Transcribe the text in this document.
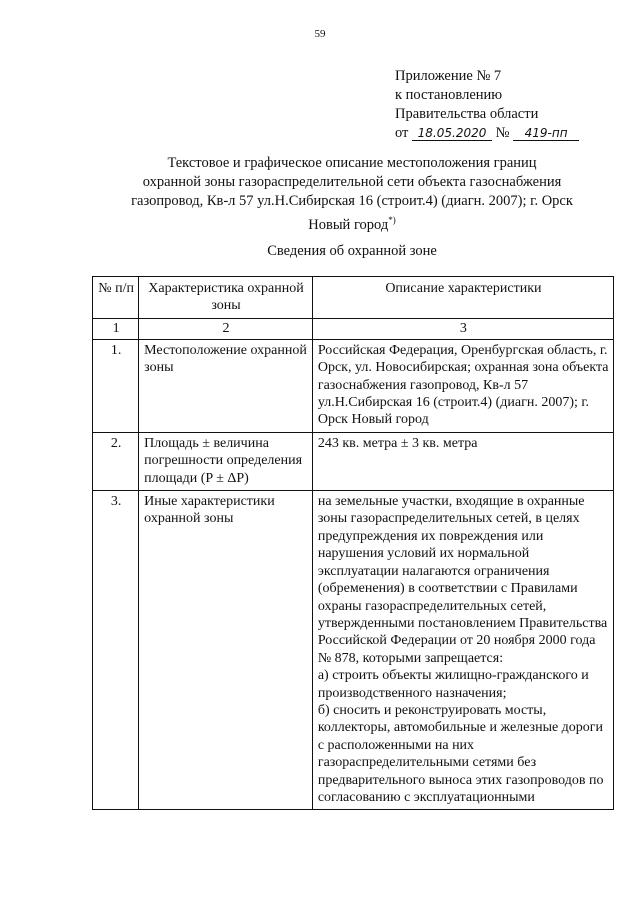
59
Приложение № 7
к постановлению
Правительства области
от 18.05.2020 № 419-пп
Текстовое и графическое описание местоположения границ
охранной зоны газораспределительной сети объекта газоснабжения
газопровод, Кв-л 57 ул.Н.Сибирская 16 (строит.4) (диагн. 2007); г. Орск
Новый город*)
Сведения об охранной зоне
№ п/п	Характеристика охранной зоны	Описание характеристики
1	2	3
1.	Местоположение охранной зоны	Российская Федерация, Оренбургская область, г. Орск, ул. Новосибирская; охранная зона объекта газоснабжения газопровод, Кв-л 57 ул.Н.Сибирская 16 (строит.4) (диагн. 2007); г. Орск Новый город
2.	Площадь ± величина погрешности определения площади (P ± ΔP)	243 кв. метра ± 3 кв. метра
3.	Иные характеристики охранной зоны	на земельные участки, входящие в охранные зоны газораспределительных сетей, в целях предупреждения их повреждения или нарушения условий их нормальной эксплуатации налагаются ограничения (обременения) в соответствии с Правилами охраны газораспределительных сетей, утвержденными постановлением Правительства Российской Федерации от 20 ноября 2000 года № 878, которыми запрещается:
а) строить объекты жилищно-гражданского и производственного назначения;
б) сносить и реконструировать мосты, коллекторы, автомобильные и железные дороги с расположенными на них газораспределительными сетями без предварительного выноса этих газопроводов по согласованию с эксплуатационными
